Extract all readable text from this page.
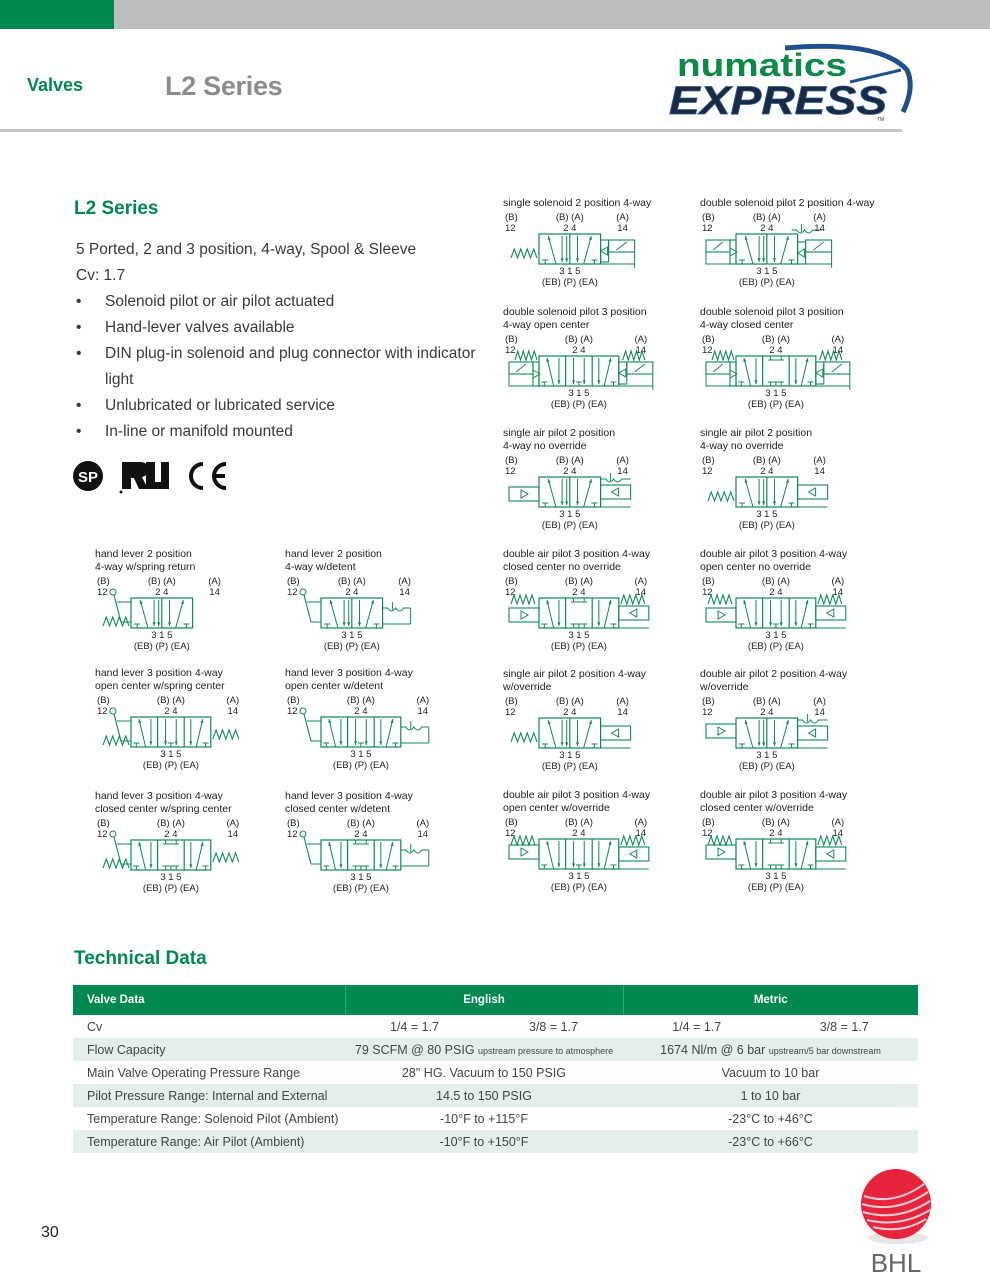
Valves	L2 Series
numatics
EXPRESS
TM
L2 Series
5 Ported, 2 and 3 position, 4-way, Spool & Sleeve
Cv: 1.7
• Solenoid pilot or air pilot actuated
• Hand-lever valves available
• DIN plug-in solenoid and plug connector with indicator light
• Unlubricated or lubricated service
• In-line or manifold mounted
SP
single solenoid 2 position 4-way
(B)
12
(B) (A)
2 4
(A)
14
3 1 5
(EB) (P) (EA)
double solenoid pilot 2 position 4-way
(B)
12
(B) (A)
2 4
(A)
14
3 1 5
(EB) (P) (EA)
double solenoid pilot 3 position
4-way open center
(B)
12
(B) (A)
2 4
(A)
14
3 1 5
(EB) (P) (EA)
double solenoid pilot 3 position
4-way closed center
(B)
12
(B) (A)
2 4
(A)
14
3 1 5
(EB) (P) (EA)
single air pilot 2 position
4-way no override
(B)
12
(B) (A)
2 4
(A)
14
3 1 5
(EB) (P) (EA)
single air pilot 2 position
4-way no override
(B)
12
(B) (A)
2 4
(A)
14
3 1 5
(EB) (P) (EA)
double air pilot 3 position 4-way
closed center no override
(B)
12
(B) (A)
2 4
(A)
14
3 1 5
(EB) (P) (EA)
double air pilot 3 position 4-way
open center no override
(B)
12
(B) (A)
2 4
(A)
14
3 1 5
(EB) (P) (EA)
single air pilot 2 position 4-way
w/override
(B)
12
(B) (A)
2 4
(A)
14
3 1 5
(EB) (P) (EA)
double air pilot 2 position 4-way
w/override
(B)
12
(B) (A)
2 4
(A)
14
3 1 5
(EB) (P) (EA)
double air pilot 3 position 4-way
open center w/override
(B)
12
(B) (A)
2 4
(A)
14
3 1 5
(EB) (P) (EA)
double air pilot 3 position 4-way
closed center w/override
(B)
12
(B) (A)
2 4
(A)
14
3 1 5
(EB) (P) (EA)
hand lever 2 position
4-way w/spring return
(B)
12
(B) (A)
2 4
(A)
14
3 1 5
(EB) (P) (EA)
hand lever 2 position
4-way w/detent
(B)
12
(B) (A)
2 4
(A)
14
3 1 5
(EB) (P) (EA)
hand lever 3 position 4-way
open center w/spring center
(B)
12
(B) (A)
2 4
(A)
14
3 1 5
(EB) (P) (EA)
hand lever 3 position 4-way
open center w/detent
(B)
12
(B) (A)
2 4
(A)
14
3 1 5
(EB) (P) (EA)
hand lever 3 position 4-way
closed center w/spring center
(B)
12
(B) (A)
2 4
(A)
14
3 1 5
(EB) (P) (EA)
hand lever 3 position 4-way
closed center w/detent
(B)
12
(B) (A)
2 4
(A)
14
3 1 5
(EB) (P) (EA)
Technical Data
Valve Data	English	Metric
Cv	1/4 = 1.7 3/8 = 1.7	1/4 = 1.7 3/8 = 1.7

Flow Capacity	79 SCFM @ 80 PSIG upstream pressure to atmosphere	1674 Nl/m @ 6 bar upstream/5 bar downstream
Main Valve Operating Pressure Range	28" HG. Vacuum to 150 PSIG	Vacuum to 10 bar
Pilot Pressure Range: Internal and External	14.5 to 150 PSIG	1 to 10 bar
Temperature Range: Solenoid Pilot (Ambient)	-10°F to +115°F	-23°C to +46°C
Temperature Range: Air Pilot (Ambient)	-10°F to +150°F	-23°C to +66°C
30
BHL
